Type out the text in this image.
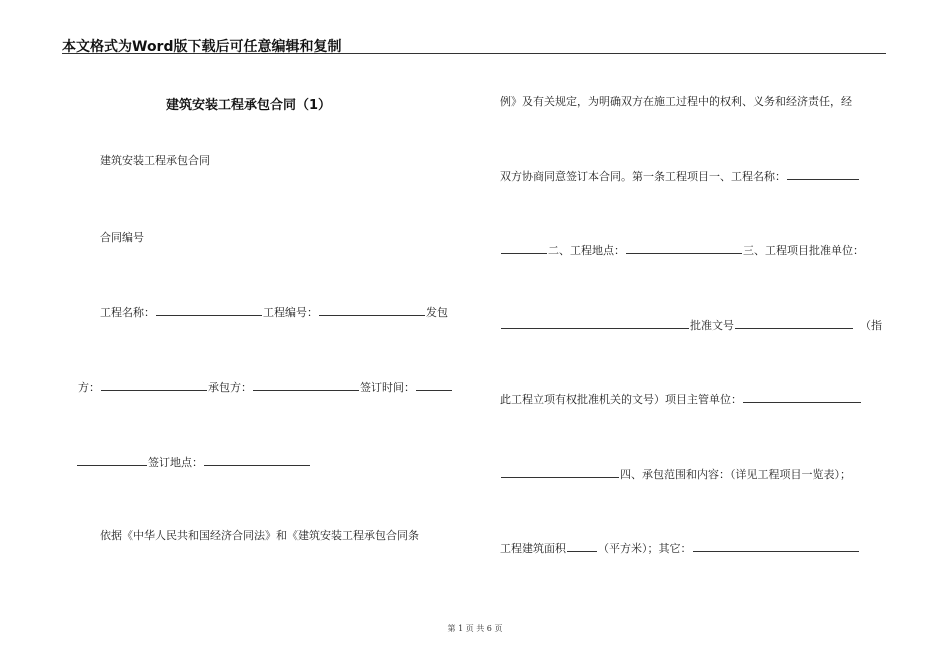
本文格式为Word版下载后可任意编辑和复制
建筑安装工程承包合同（1）
建筑安装工程承包合同
合同编号
工程名称：	工程编号：	发包
方：	承包方：	签订时间：
签订地点：
依据《中华人民共和国经济合同法》和《建筑安装工程承包合同条
例》及有关规定，为明确双方在施工过程中的权利、义务和经济责任，经
双方协商同意签订本合同。第一条工程项目一、工程名称：
二、工程地点：	三、工程项目批准单位：
批准文号	（指
此工程立项有权批准机关的文号）项目主管单位：
四、承包范围和内容：（详见工程项目一览表）；
工程建筑面积	（平方米）；其它：
第 1 页 共 6 页
